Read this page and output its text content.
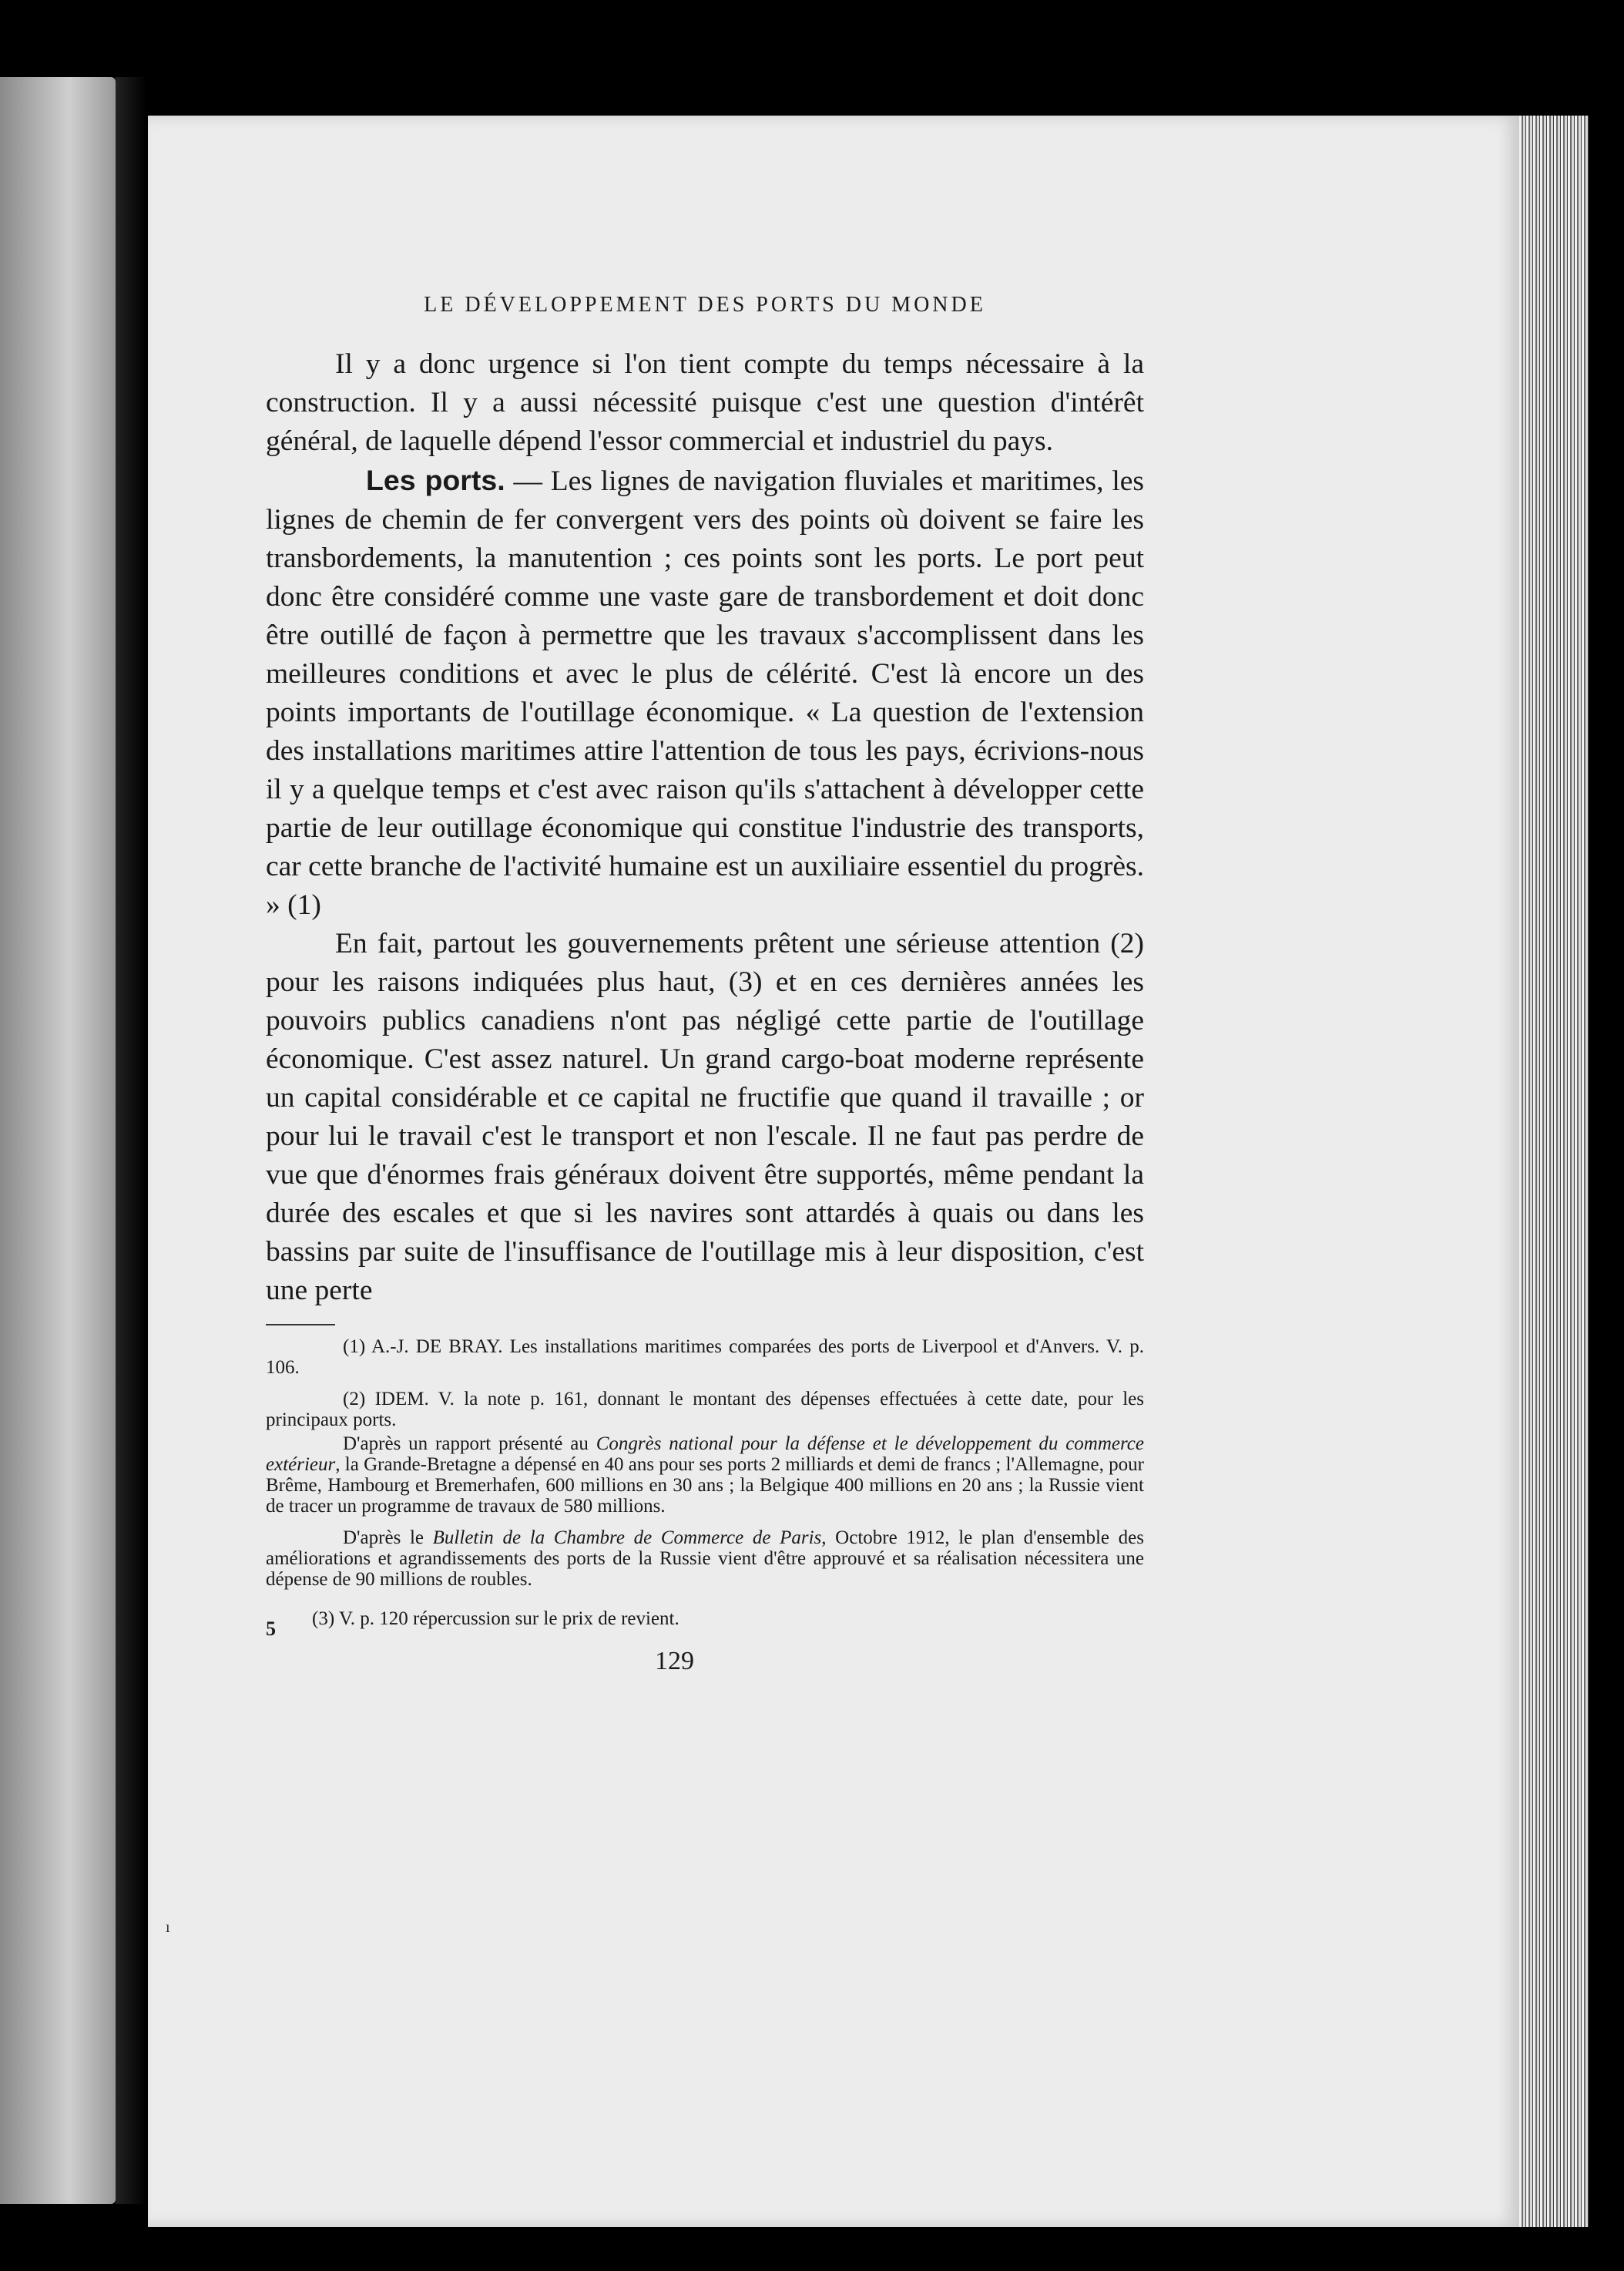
ı
LE DÉVELOPPEMENT DES PORTS DU MONDE

Il y a donc urgence si l'on tient compte du temps nécessaire à la construction. Il y a aussi nécessité puisque c'est une question d'intérêt général, de laquelle dépend l'essor commercial et industriel du pays.

Les ports. — Les lignes de navigation fluviales et maritimes, les lignes de chemin de fer convergent vers des points où doivent se faire les transbordements, la manutention ; ces points sont les ports. Le port peut donc être considéré comme une vaste gare de transbordement et doit donc être outillé de façon à permettre que les travaux s'accomplissent dans les meilleures conditions et avec le plus de célérité. C'est là encore un des points importants de l'outillage économique. « La question de l'extension des installations maritimes attire l'attention de tous les pays, écrivions-nous il y a quelque temps et c'est avec raison qu'ils s'attachent à développer cette partie de leur outillage économique qui constitue l'industrie des transports, car cette branche de l'activité humaine est un auxiliaire essentiel du progrès. » (1)

En fait, partout les gouvernements prêtent une sérieuse attention (2) pour les raisons indiquées plus haut, (3) et en ces dernières années les pouvoirs publics canadiens n'ont pas négligé cette partie de l'outillage économique. C'est assez naturel. Un grand cargo-boat moderne représente un capital considérable et ce capital ne fructifie que quand il travaille ; or pour lui le travail c'est le transport et non l'escale. Il ne faut pas perdre de vue que d'énormes frais généraux doivent être supportés, même pendant la durée des escales et que si les navires sont attardés à quais ou dans les bassins par suite de l'insuffisance de l'outillage mis à leur disposition, c'est une perte

(1) A.-J. DE BRAY. Les installations maritimes comparées des ports de Liverpool et d'Anvers. V. p. 106.

(2) IDEM. V. la note p. 161, donnant le montant des dépenses effectuées à cette date, pour les principaux ports.

D'après un rapport présenté au Congrès national pour la défense et le développement du commerce extérieur, la Grande-Bretagne a dépensé en 40 ans pour ses ports 2 milliards et demi de francs ; l'Allemagne, pour Brême, Hambourg et Bremerhafen, 600 millions en 30 ans ; la Belgique 400 millions en 20 ans ; la Russie vient de tracer un programme de travaux de 580 millions.

D'après le Bulletin de la Chambre de Commerce de Paris, Octobre 1912, le plan d'ensemble des améliorations et agrandissements des ports de la Russie vient d'être approuvé et sa réalisation nécessitera une dépense de 90 millions de roubles.

5 (3) V. p. 120 répercussion sur le prix de revient.
129
